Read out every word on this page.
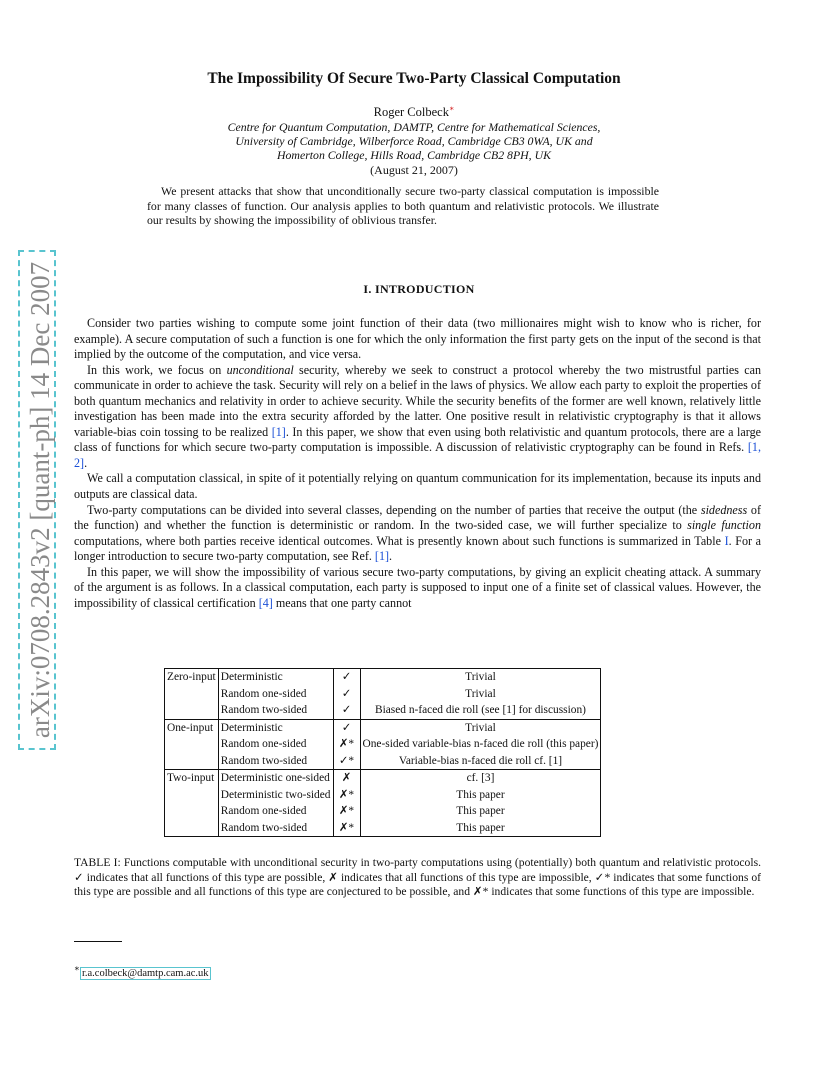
arXiv:0708.2843v2 [quant-ph] 14 Dec 2007
The Impossibility Of Secure Two-Party Classical Computation
Roger Colbeck∗
Centre for Quantum Computation, DAMTP, Centre for Mathematical Sciences,
University of Cambridge, Wilberforce Road, Cambridge CB3 0WA, UK and
Homerton College, Hills Road, Cambridge CB2 8PH, UK
(August 21, 2007)
We present attacks that show that unconditionally secure two-party classical computation is impossible for many classes of function. Our analysis applies to both quantum and relativistic protocols. We illustrate our results by showing the impossibility of oblivious transfer.
I. INTRODUCTION

Consider two parties wishing to compute some joint function of their data (two millionaires might wish to know who is richer, for example). A secure computation of such a function is one for which the only information the first party gets on the input of the second is that implied by the outcome of the computation, and vice versa.

In this work, we focus on unconditional security, whereby we seek to construct a protocol whereby the two mistrustful parties can communicate in order to achieve the task. Security will rely on a belief in the laws of physics. We allow each party to exploit the properties of both quantum mechanics and relativity in order to achieve security. While the security benefits of the former are well known, relatively little investigation has been made into the extra security afforded by the latter. One positive result in relativistic cryptography is that it allows variable-bias coin tossing to be realized [1]. In this paper, we show that even using both relativistic and quantum protocols, there are a large class of functions for which secure two-party computation is impossible. A discussion of relativistic cryptography can be found in Refs. [1, 2].

We call a computation classical, in spite of it potentially relying on quantum communication for its implementation, because its inputs and outputs are classical data.

Two-party computations can be divided into several classes, depending on the number of parties that receive the output (the sidedness of the function) and whether the function is deterministic or random. In the two-sided case, we will further specialize to single function computations, where both parties receive identical outcomes. What is presently known about such functions is summarized in Table I. For a longer introduction to secure two-party computation, see Ref. [1].

In this paper, we will show the impossibility of various secure two-party computations, by giving an explicit cheating attack. A summary of the argument is as follows. In a classical computation, each party is supposed to input one of a finite set of classical values. However, the impossibility of classical certification [4] means that one party cannot

Zero-input	Deterministic	✓	Trivial
	Random one-sided	✓	Trivial
	Random two-sided	✓	Biased n-faced die roll (see [1] for discussion)
One-input	Deterministic	✓	Trivial
	Random one-sided	✗*	One-sided variable-bias n-faced die roll (this paper)
	Random two-sided	✓*	Variable-bias n-faced die roll cf. [1]
Two-input	Deterministic one-sided	✗	cf. [3]
	Deterministic two-sided	✗*	This paper
	Random one-sided	✗*	This paper
	Random two-sided	✗*	This paper
TABLE I: Functions computable with unconditional security in two-party computations using (potentially) both quantum and relativistic protocols. ✓ indicates that all functions of this type are possible, ✗ indicates that all functions of this type are impossible, ✓* indicates that some functions of this type are possible and all functions of this type are conjectured to be possible, and ✗* indicates that some functions of this type are impossible.
∗ r.a.colbeck@damtp.cam.ac.uk
